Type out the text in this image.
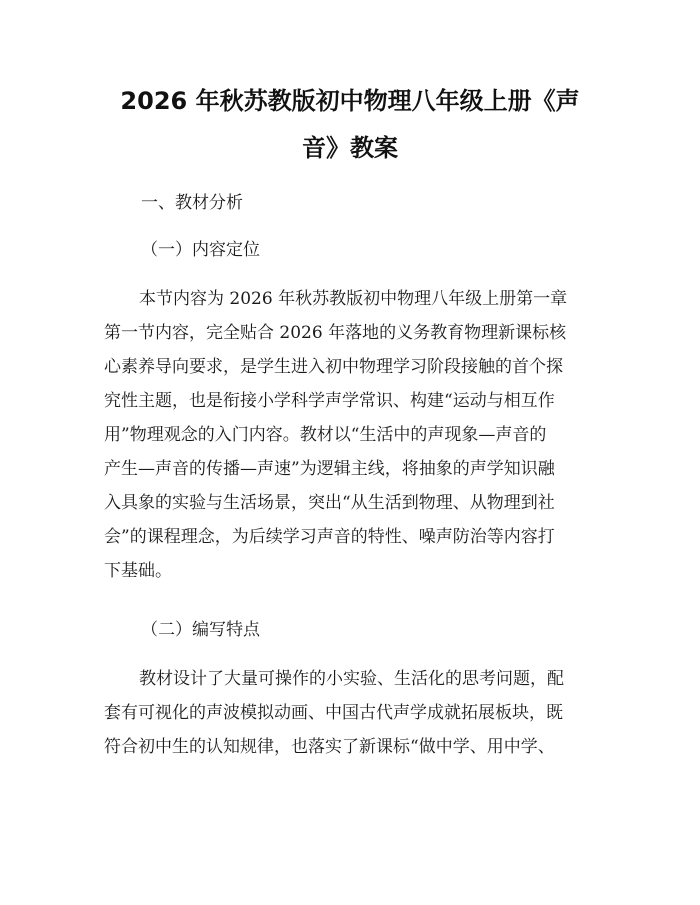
2026 年秋苏教版初中物理八年级上册《声
音》教案
一、教材分析
（一）内容定位
本节内容为 2026 年秋苏教版初中物理八年级上册第一章
第一节内容，完全贴合 2026 年落地的义务教育物理新课标核
心素养导向要求，是学生进入初中物理学习阶段接触的首个探
究性主题，也是衔接小学科学声学常识、构建“运动与相互作
用”物理观念的入门内容。教材以“生活中的声现象—声音的
产生—声音的传播—声速”为逻辑主线，将抽象的声学知识融
入具象的实验与生活场景，突出“从生活到物理、从物理到社
会”的课程理念，为后续学习声音的特性、噪声防治等内容打
下基础。
（二）编写特点
教材设计了大量可操作的小实验、生活化的思考问题，配
套有可视化的声波模拟动画、中国古代声学成就拓展板块，既
符合初中生的认知规律，也落实了新课标“做中学、用中学、
